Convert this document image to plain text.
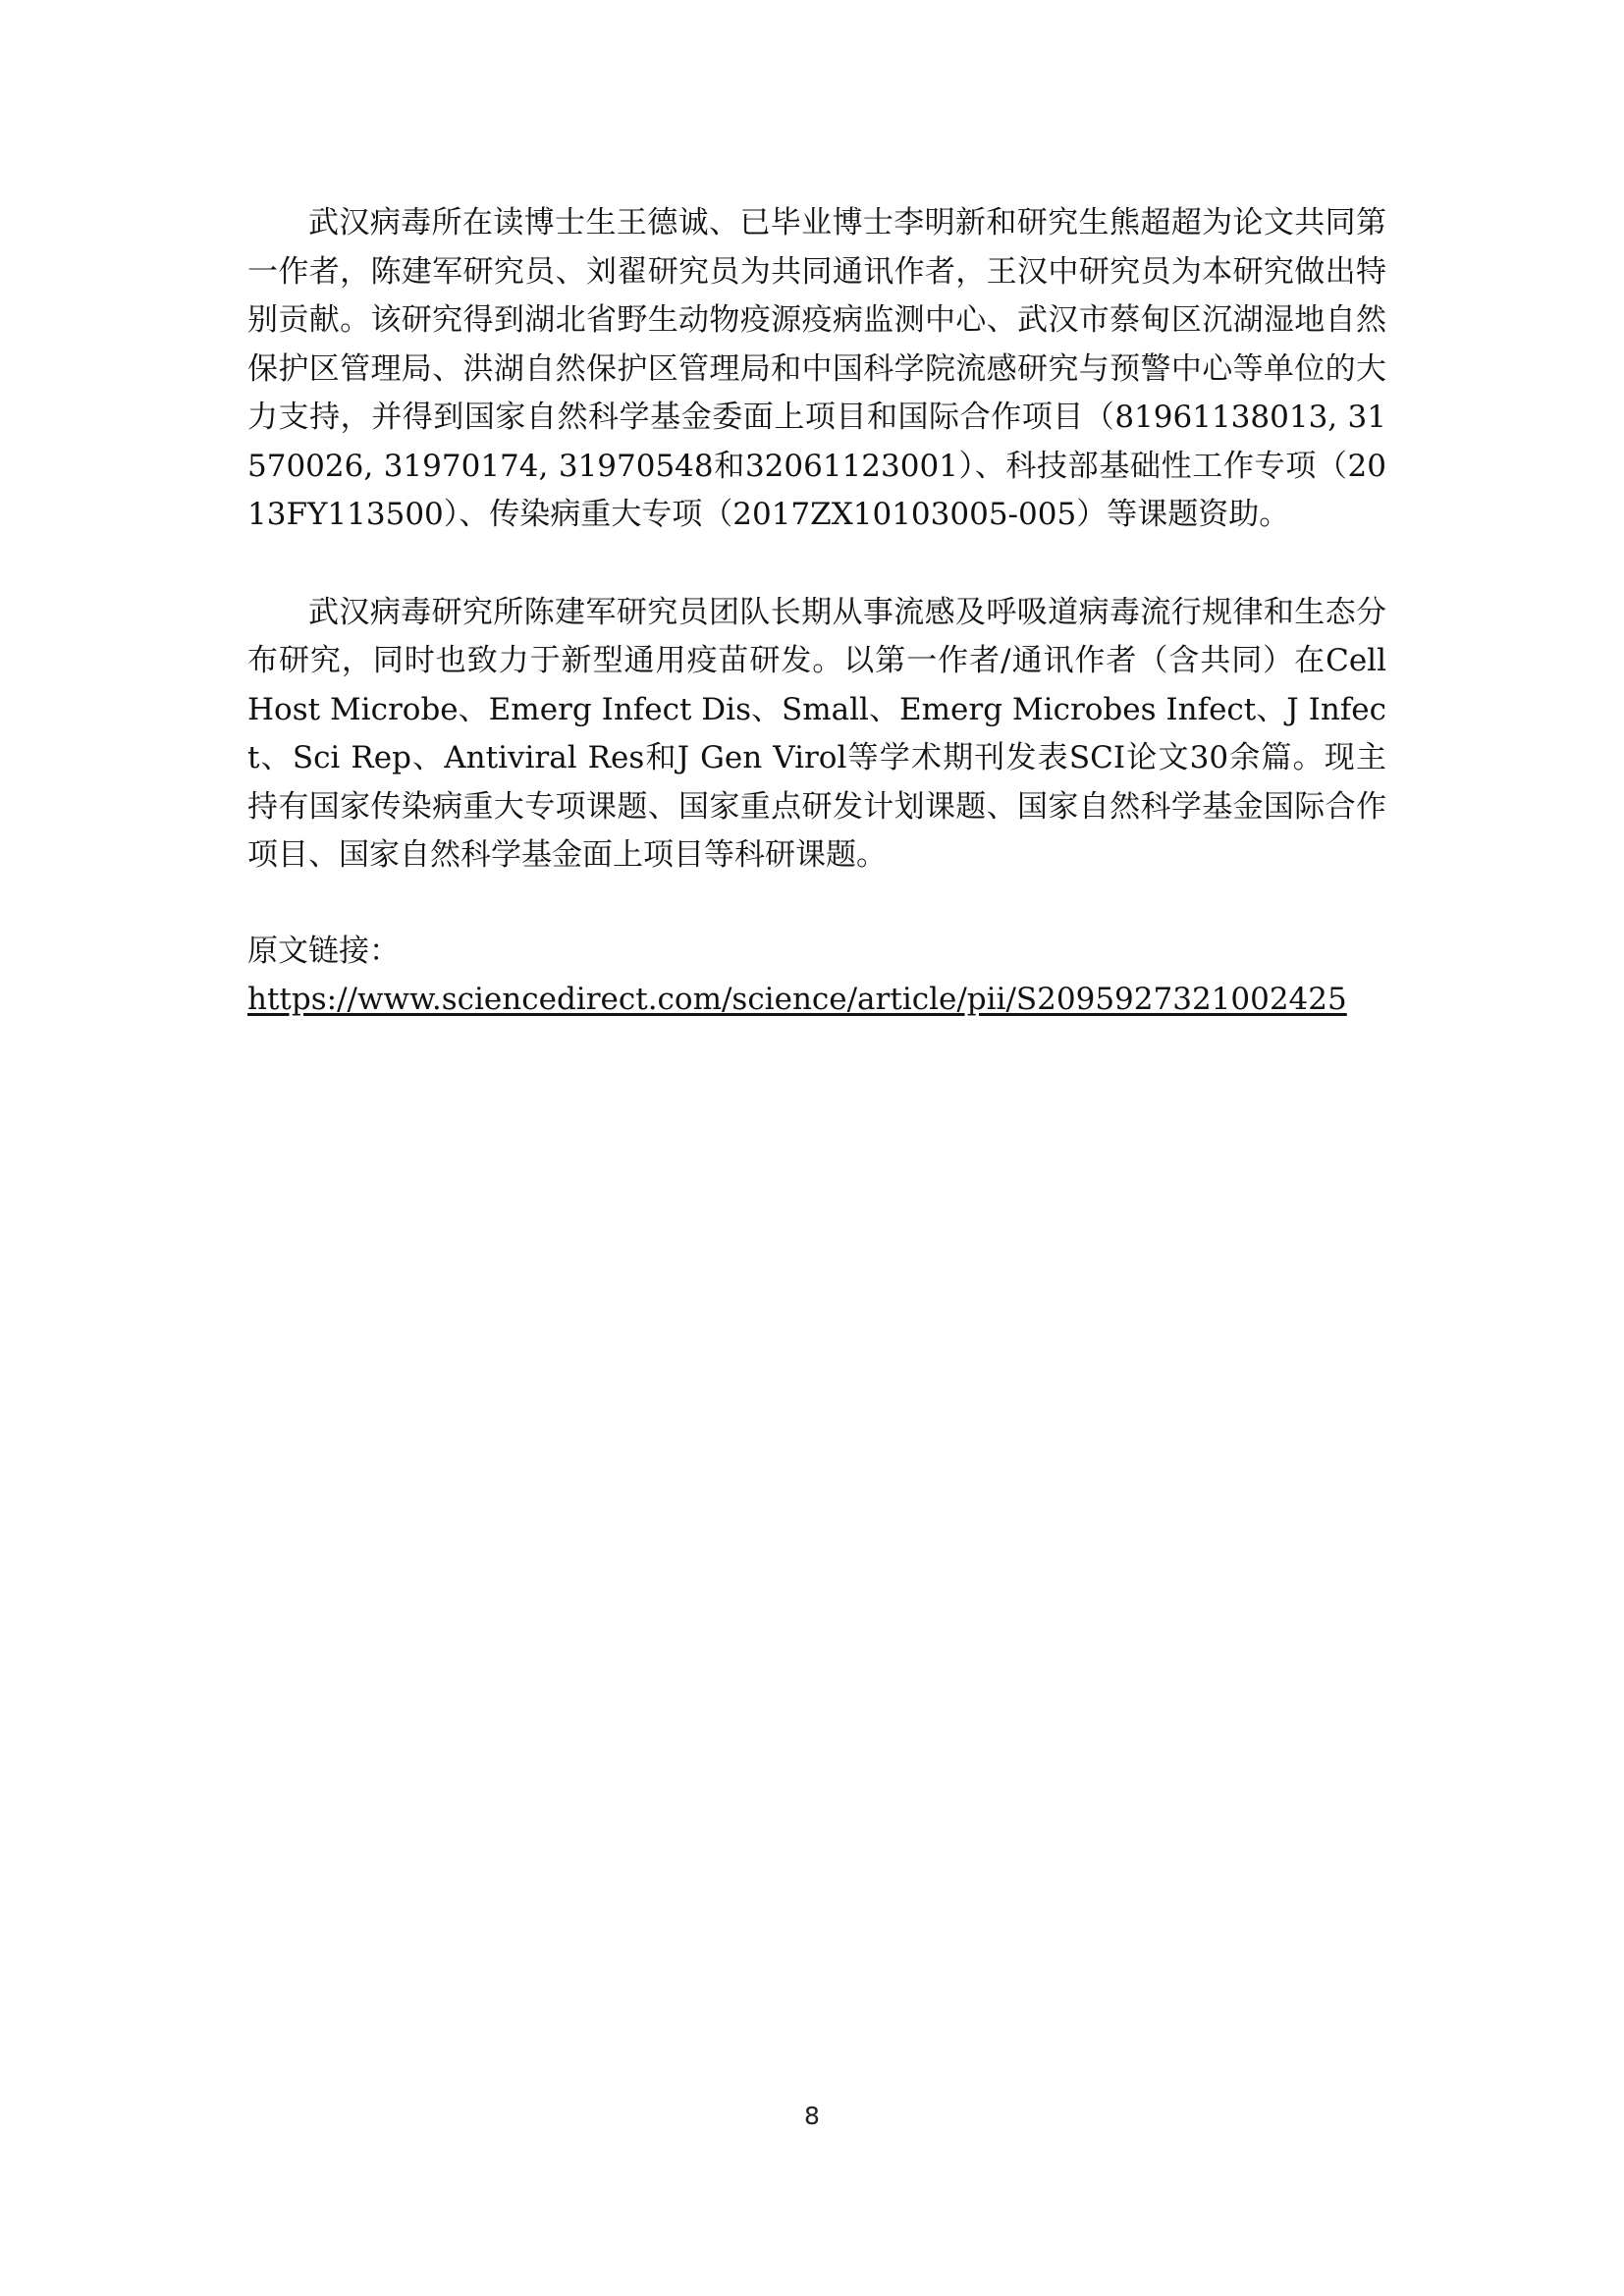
武汉病毒所在读博士生王德诚、已毕业博士李明新和研究生熊超超为论文共同第一作者，陈建军研究员、刘翟研究员为共同通讯作者，王汉中研究员为本研究做出特别贡献。该研究得到湖北省野生动物疫源疫病监测中心、武汉市蔡甸区沉湖湿地自然保护区管理局、洪湖自然保护区管理局和中国科学院流感研究与预警中心等单位的大力支持，并得到国家自然科学基金委面上项目和国际合作项目（81961138013, 31570026, 31970174, 31970548和32061123001）、科技部基础性工作专项（2013FY113500）、传染病重大专项（2017ZX10103005-005）等课题资助。

武汉病毒研究所陈建军研究员团队长期从事流感及呼吸道病毒流行规律和生态分布研究，同时也致力于新型通用疫苗研发。以第一作者/通讯作者（含共同）在Cell Host Microbe、Emerg Infect Dis、Small、Emerg Microbes Infect、J Infect、Sci Rep、Antiviral Res和J Gen Virol等学术期刊发表SCI论文30余篇。现主持有国家传染病重大专项课题、国家重点研发计划课题、国家自然科学基金国际合作项目、国家自然科学基金面上项目等科研课题。

原文链接：

https://www.sciencedirect.com/science/article/pii/S2095927321002425
8
